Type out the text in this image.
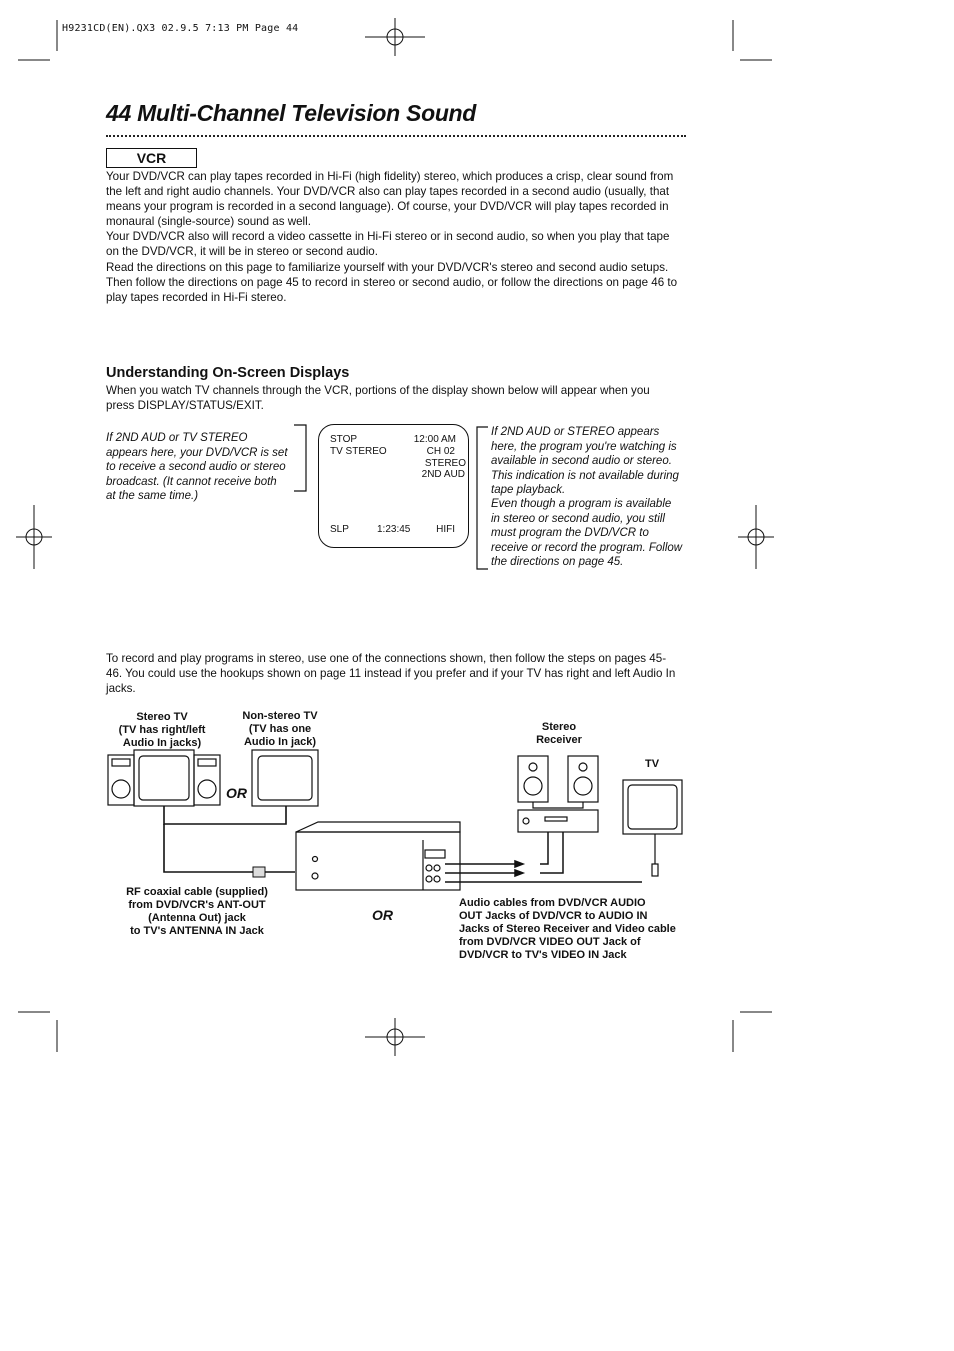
H9231CD(EN).QX3 02.9.5 7:13 PM Page 44
44 Multi-Channel Television Sound
VCR
Your DVD/VCR can play tapes recorded in Hi-Fi (high fidelity) stereo, which produces a crisp, clear sound from the left and right audio channels. Your DVD/VCR also can play tapes recorded in a second audio (usually, that means your program is recorded in a second language). Of course, your DVD/VCR will play tapes recorded in monaural (single-source) sound as well.
Your DVD/VCR also will record a video cassette in Hi-Fi stereo or in second audio, so when you play that tape on the DVD/VCR, it will be in stereo or second audio.
Read the directions on this page to familiarize yourself with your DVD/VCR's stereo and second audio setups. Then follow the directions on page 45 to record in stereo or second audio, or follow the directions on page 46 to play tapes recorded in Hi-Fi stereo.
Understanding On-Screen Displays
When you watch TV channels through the VCR, portions of the display shown below will appear when you press DISPLAY/STATUS/EXIT.
If 2ND AUD or TV STEREO appears here, your DVD/VCR is set to receive a second audio or stereo broadcast. (It cannot receive both at the same time.)
STOP
TV STEREO
12:00 AM
CH 02
STEREO
2ND AUD
SLP	1:23:45	HIFI
If 2ND AUD or STEREO appears here, the program you're watching is available in second audio or stereo. This indication is not available during tape playback.
Even though a program is available in stereo or second audio, you still must program the DVD/VCR to receive or record the program. Follow the directions on page 45.
To record and play programs in stereo, use one of the connections shown, then follow the steps on pages 45-46. You could use the hookups shown on page 11 instead if you prefer and if your TV has right and left Audio In jacks.
Stereo TV
(TV has right/left
Audio In jacks)
Non-stereo TV
(TV has one
Audio In jack)
OR
Stereo
Receiver
TV
RF coaxial cable (supplied)
from DVD/VCR's ANT-OUT
(Antenna Out) jack
to TV's ANTENNA IN Jack
OR
Audio cables from DVD/VCR AUDIO
OUT Jacks of DVD/VCR to AUDIO IN
Jacks of Stereo Receiver and Video cable
from DVD/VCR VIDEO OUT Jack of
DVD/VCR to TV's VIDEO IN Jack
